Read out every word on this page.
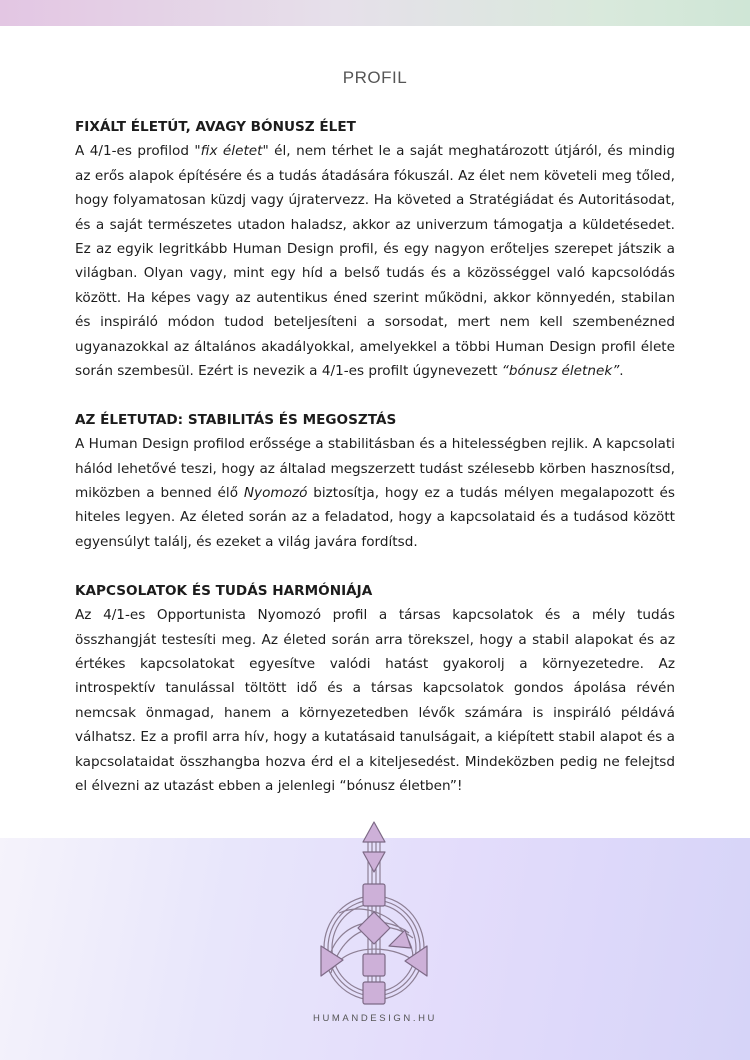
PROFIL
FIXÁLT ÉLETÚT, AVAGY BÓNUSZ ÉLET

A 4/1-es profilod "fix életet" él, nem térhet le a saját meghatározott útjáról, és mindig az erős alapok építésére és a tudás átadására fókuszál. Az élet nem követeli meg tőled, hogy folyamatosan küzdj vagy újratervezz. Ha követed a Stratégiádat és Autoritásodat, és a saját természetes utadon haladsz, akkor az univerzum támogatja a küldetésedet. Ez az egyik legritkább Human Design profil, és egy nagyon erőteljes szerepet játszik a világban. Olyan vagy, mint egy híd a belső tudás és a közösséggel való kapcsolódás között. Ha képes vagy az autentikus éned szerint működni, akkor könnyedén, stabilan és inspiráló módon tudod beteljesíteni a sorsodat, mert nem kell szembenézned ugyanazokkal az általános akadályokkal, amelyekkel a többi Human Design profil élete során szembesül. Ezért is nevezik a 4/1-es profilt úgynevezett “bónusz életnek”.

AZ ÉLETUTAD: STABILITÁS ÉS MEGOSZTÁS

A Human Design profilod erőssége a stabilitásban és a hitelességben rejlik. A kapcsolati hálód lehetővé teszi, hogy az általad megszerzett tudást szélesebb körben hasznosítsd, miközben a benned élő Nyomozó biztosítja, hogy ez a tudás mélyen megalapozott és hiteles legyen. Az életed során az a feladatod, hogy a kapcsolataid és a tudásod között egyensúlyt találj, és ezeket a világ javára fordítsd.

KAPCSOLATOK ÉS TUDÁS HARMÓNIÁJA

Az 4/1-es Opportunista Nyomozó profil a társas kapcsolatok és a mély tudás összhangját testesíti meg. Az életed során arra törekszel, hogy a stabil alapokat és az értékes kapcsolatokat egyesítve valódi hatást gyakorolj a környezetedre. Az introspektív tanulással töltött idő és a társas kapcsolatok gondos ápolása révén nemcsak önmagad, hanem a környezetedben lévők számára is inspiráló példává válhatsz. Ez a profil arra hív, hogy a kutatásaid tanulságait, a kiépített stabil alapot és a kapcsolataidat összhangba hozva érd el a kiteljesedést. Mindeközben pedig ne felejtsd el élvezni az utazást ebben a jelenlegi “bónusz életben”!

HUMANDESIGN.HU
